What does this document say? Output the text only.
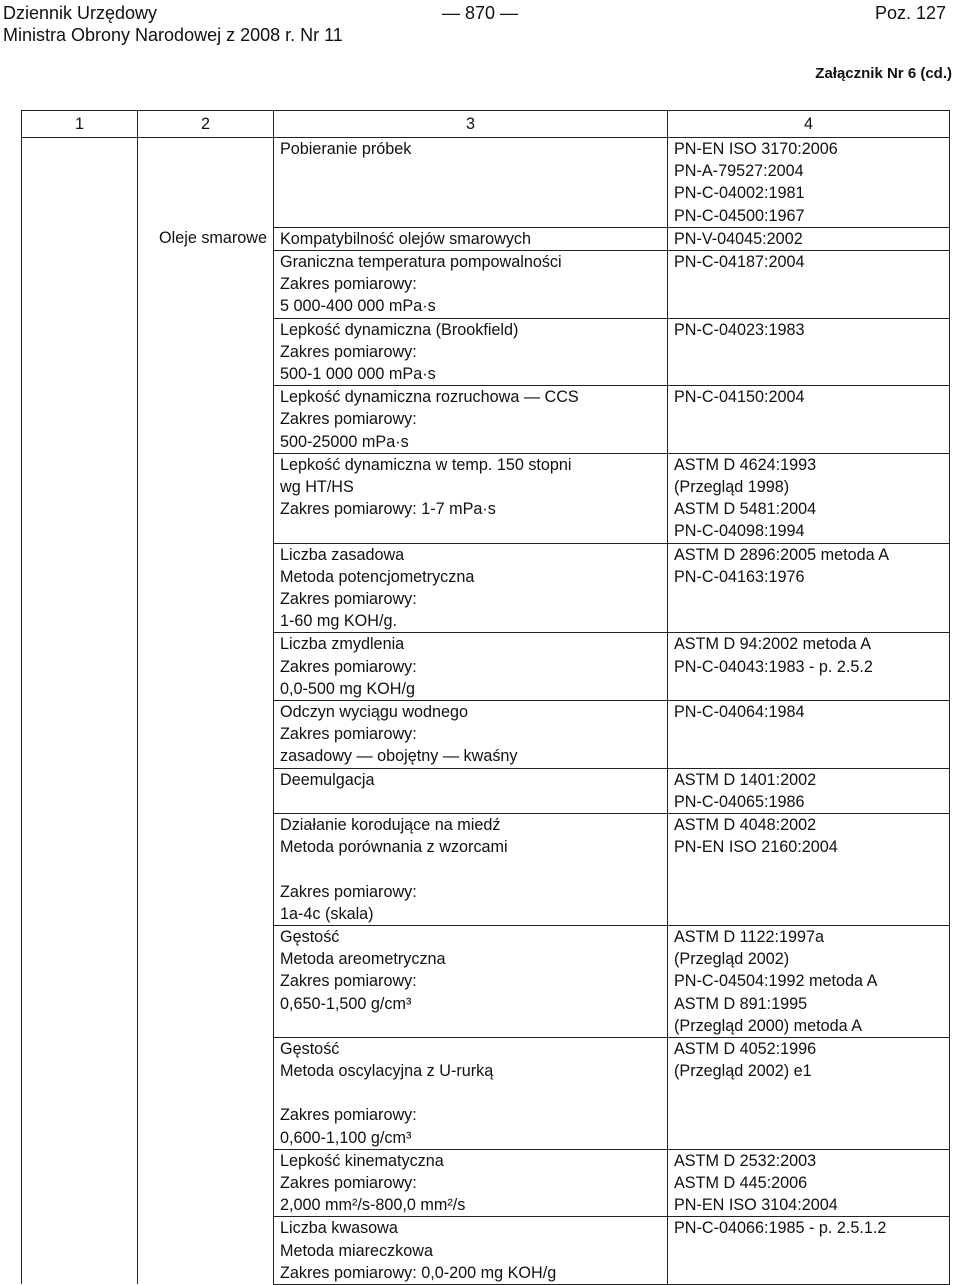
Dziennik Urzędowy
Ministra Obrony Narodowej z 2008 r. Nr 11
— 870 —	Poz. 127
Załącznik Nr 6 (cd.)
1	2	3	4

		Pobieranie próbek	PN-EN ISO 3170:2006
PN-A-79527:2004
PN-C-04002:1981
PN-C-04500:1967

	Oleje smarowe	Kompatybilność olejów smarowych	PN-V-04045:2002

		Graniczna temperatura pompowalności
Zakres pomiarowy:
5 000-400 000 mPa·s	PN-C-04187:2004

		Lepkość dynamiczna (Brookfield)
Zakres pomiarowy:
500-1 000 000 mPa·s	PN-C-04023:1983

		Lepkość dynamiczna rozruchowa — CCS
Zakres pomiarowy:
500-25000 mPa·s	PN-C-04150:2004

		Lepkość dynamiczna w temp. 150 stopni
wg HT/HS
Zakres pomiarowy: 1-7 mPa·s	ASTM D 4624:1993
(Przegląd 1998)
ASTM D 5481:2004
PN-C-04098:1994

		Liczba zasadowa
Metoda potencjometryczna
Zakres pomiarowy:
1-60 mg KOH/g.	ASTM D 2896:2005 metoda A
PN-C-04163:1976

		Liczba zmydlenia
Zakres pomiarowy:
0,0-500 mg KOH/g	ASTM D 94:2002 metoda A
PN-C-04043:1983 - p. 2.5.2

		Odczyn wyciągu wodnego
Zakres pomiarowy:
zasadowy — obojętny — kwaśny	PN-C-04064:1984

		Deemulgacja	ASTM D 1401:2002
PN-C-04065:1986

		Działanie korodujące na miedź
Metoda porównania z wzorcami
Zakres pomiarowy:
1a-4c (skala)	ASTM D 4048:2002
PN-EN ISO 2160:2004

		Gęstość
Metoda areometryczna
Zakres pomiarowy:
0,650-1,500 g/cm³	ASTM D 1122:1997a
(Przegląd 2002)
PN-C-04504:1992 metoda A
ASTM D 891:1995
(Przegląd 2000) metoda A

		Gęstość
Metoda oscylacyjna z U-rurką
Zakres pomiarowy:
0,600-1,100 g/cm³	ASTM D 4052:1996
(Przegląd 2002) e1

		Lepkość kinematyczna
Zakres pomiarowy:
2,000 mm²/s-800,0 mm²/s	ASTM D 2532:2003
ASTM D 445:2006
PN-EN ISO 3104:2004

		Liczba kwasowa
Metoda miareczkowa
Zakres pomiarowy: 0,0-200 mg KOH/g	PN-C-04066:1985 - p. 2.5.1.2
